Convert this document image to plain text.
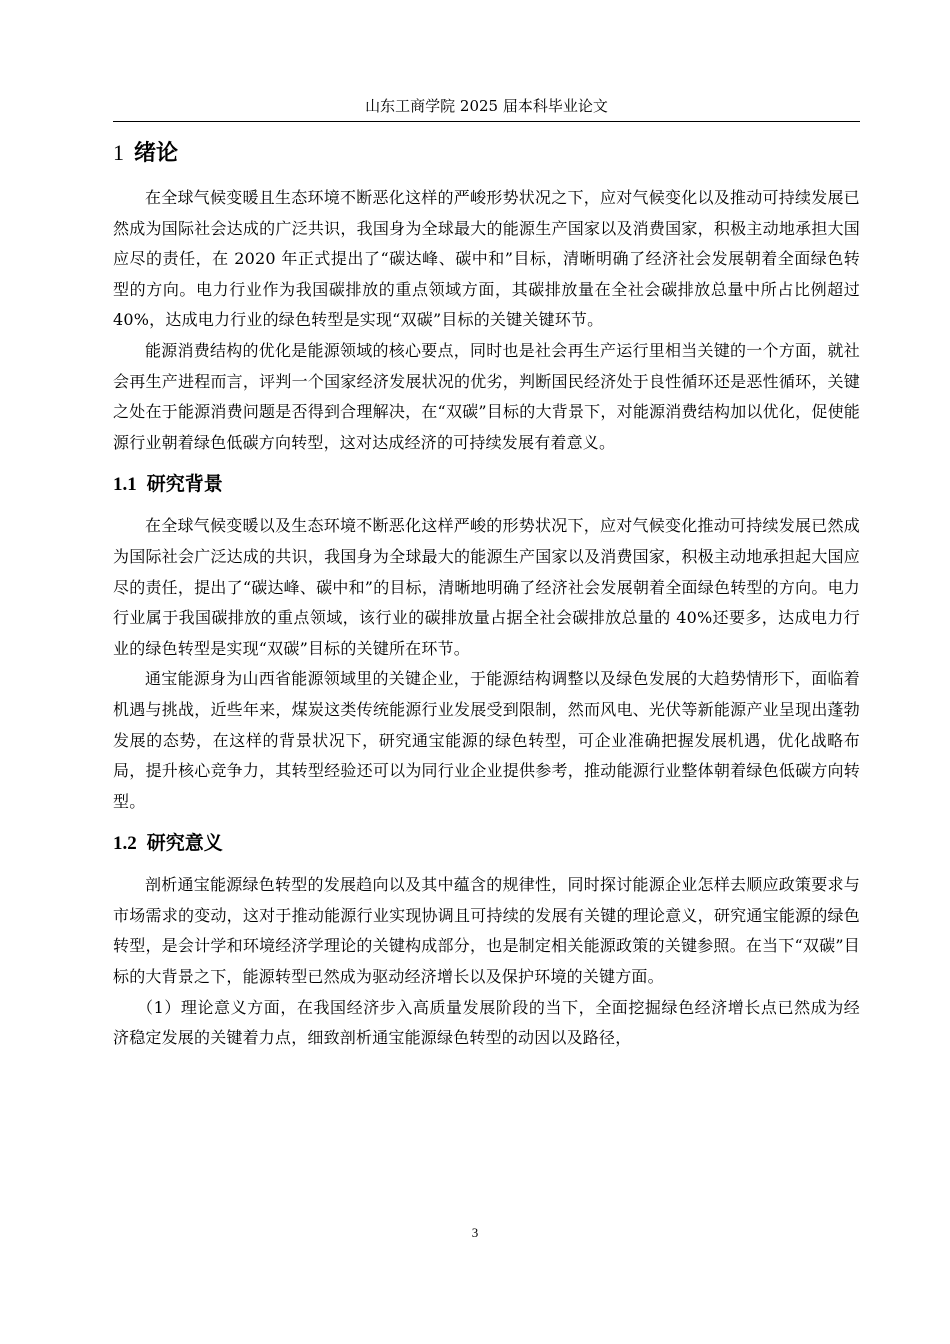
山东工商学院 2025 届本科毕业论文
1 绪论

在全球气候变暖且生态环境不断恶化这样的严峻形势状况之下，应对气候变化以及推动可持续发展已然成为国际社会达成的广泛共识，我国身为全球最大的能源生产国家以及消费国家，积极主动地承担大国应尽的责任，在 2020 年正式提出了“碳达峰、碳中和”目标，清晰明确了经济社会发展朝着全面绿色转型的方向。电力行业作为我国碳排放的重点领域方面，其碳排放量在全社会碳排放总量中所占比例超过 40%，达成电力行业的绿色转型是实现“双碳”目标的关键关键环节。

能源消费结构的优化是能源领域的核心要点，同时也是社会再生产运行里相当关键的一个方面，就社会再生产进程而言，评判一个国家经济发展状况的优劣，判断国民经济处于良性循环还是恶性循环，关键之处在于能源消费问题是否得到合理解决，在“双碳”目标的大背景下，对能源消费结构加以优化，促使能源行业朝着绿色低碳方向转型，这对达成经济的可持续发展有着意义。

1.1 研究背景

在全球气候变暖以及生态环境不断恶化这样严峻的形势状况下，应对气候变化推动可持续发展已然成为国际社会广泛达成的共识，我国身为全球最大的能源生产国家以及消费国家，积极主动地承担起大国应尽的责任，提出了“碳达峰、碳中和”的目标，清晰地明确了经济社会发展朝着全面绿色转型的方向。电力行业属于我国碳排放的重点领域，该行业的碳排放量占据全社会碳排放总量的 40%还要多，达成电力行业的绿色转型是实现“双碳”目标的关键所在环节。

通宝能源身为山西省能源领域里的关键企业，于能源结构调整以及绿色发展的大趋势情形下，面临着机遇与挑战，近些年来，煤炭这类传统能源行业发展受到限制，然而风电、光伏等新能源产业呈现出蓬勃发展的态势，在这样的背景状况下，研究通宝能源的绿色转型，可企业准确把握发展机遇，优化战略布局，提升核心竞争力，其转型经验还可以为同行业企业提供参考，推动能源行业整体朝着绿色低碳方向转型。

1.2 研究意义

剖析通宝能源绿色转型的发展趋向以及其中蕴含的规律性，同时探讨能源企业怎样去顺应政策要求与市场需求的变动，这对于推动能源行业实现协调且可持续的发展有关键的理论意义，研究通宝能源的绿色转型，是会计学和环境经济学理论的关键构成部分，也是制定相关能源政策的关键参照。在当下“双碳”目标的大背景之下，能源转型已然成为驱动经济增长以及保护环境的关键方面。

（1）理论意义方面，在我国经济步入高质量发展阶段的当下，全面挖掘绿色经济增长点已然成为经济稳定发展的关键着力点，细致剖析通宝能源绿色转型的动因以及路径，

3
